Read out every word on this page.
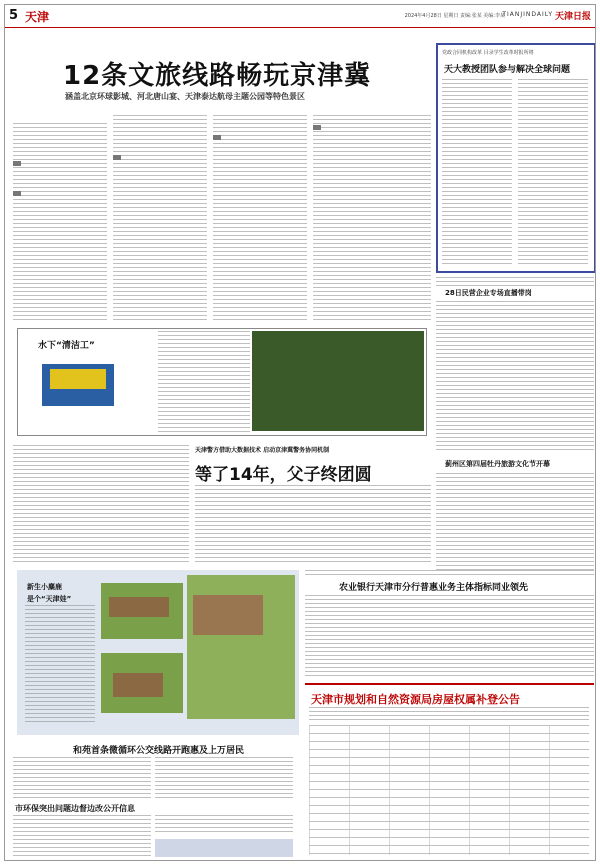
5 天津	2024年4月28日 星期日 责编:张某 美编:李某
TIANJINDAILY 天津日报
12条文旅线路畅玩京津冀
涵盖北京环球影城、河北唐山宴、天津泰达航母主题公园等特色景区

党政合同机构改革 目录学生改革时报所将
天大教授团队参与解决全球问题
28日民营企业专场直播带岗
蓟州区第四届牡丹旅游文化节开幕
水下“清洁工”
天津警方借助大数据技术 启动京津冀警务协同机制
等了14年，父子终团圆
新生小麋鹿
是个“天津娃”
和苑首条微循环公交线路开跑惠及上万居民
市环保突出问题边督边改公开信息
农业银行天津市分行普惠业务主体指标同业领先
天津市规划和自然资源局房屋权属补登公告
